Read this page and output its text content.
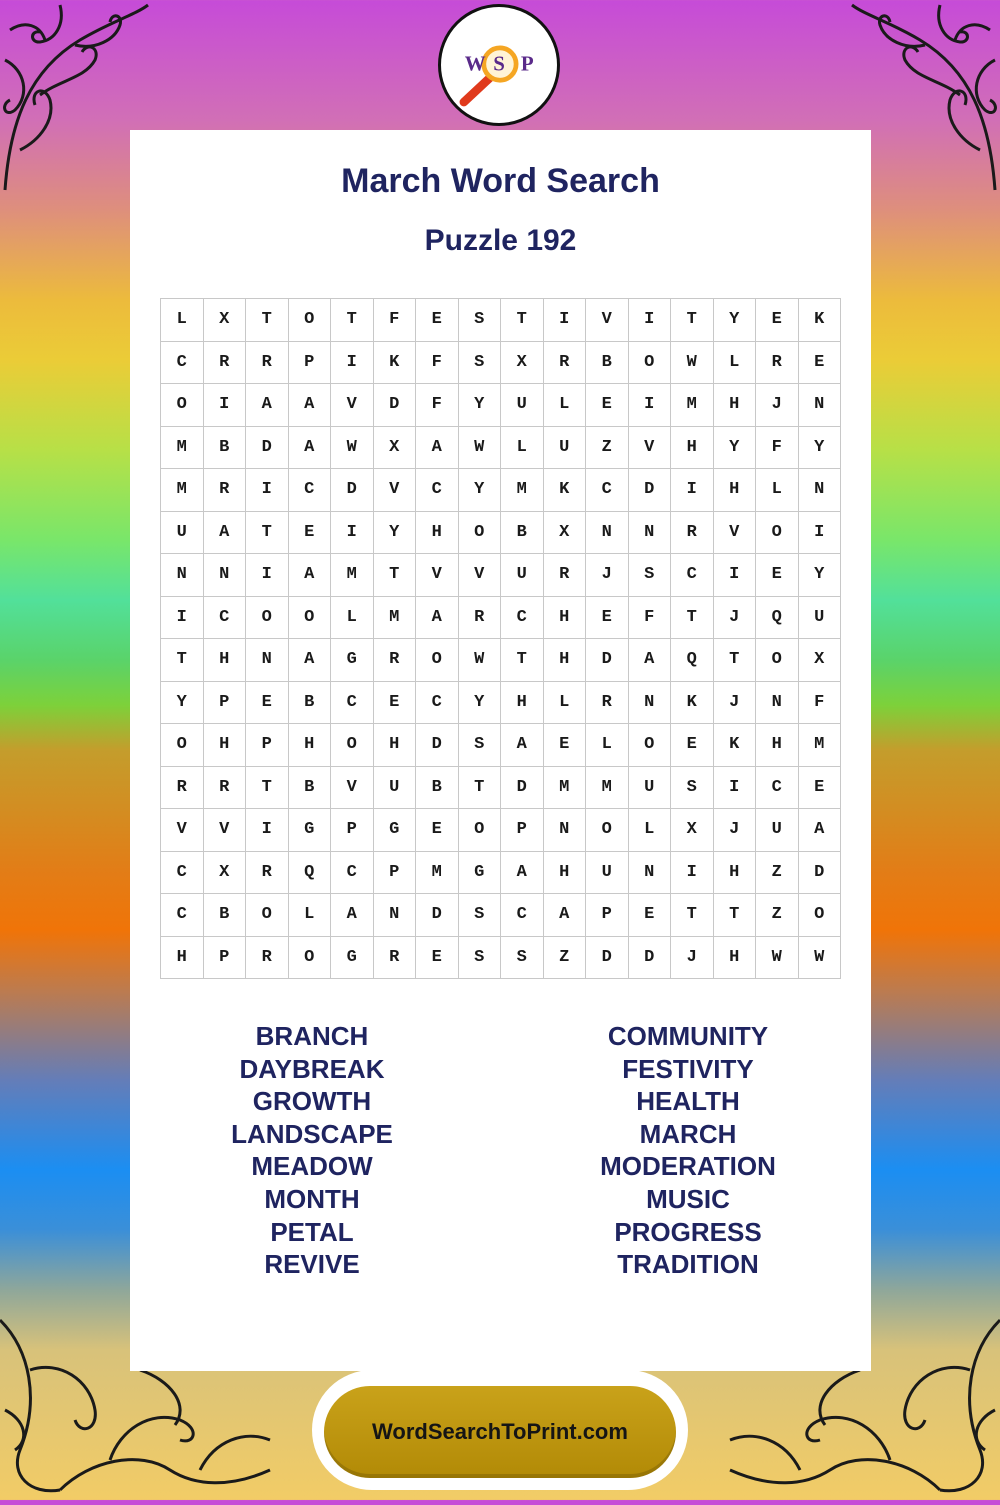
W S P
March Word Search
Puzzle 192
L	X	T	O	T	F	E	S	T	I	V	I	T	Y	E	K
C	R	R	P	I	K	F	S	X	R	B	O	W	L	R	E
O	I	A	A	V	D	F	Y	U	L	E	I	M	H	J	N
M	B	D	A	W	X	A	W	L	U	Z	V	H	Y	F	Y
M	R	I	C	D	V	C	Y	M	K	C	D	I	H	L	N
U	A	T	E	I	Y	H	O	B	X	N	N	R	V	O	I
N	N	I	A	M	T	V	V	U	R	J	S	C	I	E	Y
I	C	O	O	L	M	A	R	C	H	E	F	T	J	Q	U
T	H	N	A	G	R	O	W	T	H	D	A	Q	T	O	X
Y	P	E	B	C	E	C	Y	H	L	R	N	K	J	N	F
O	H	P	H	O	H	D	S	A	E	L	O	E	K	H	M
R	R	T	B	V	U	B	T	D	M	M	U	S	I	C	E
V	V	I	G	P	G	E	O	P	N	O	L	X	J	U	A
C	X	R	Q	C	P	M	G	A	H	U	N	I	H	Z	D
C	B	O	L	A	N	D	S	C	A	P	E	T	T	Z	O
H	P	R	O	G	R	E	S	S	Z	D	D	J	H	W	W
BRANCH
DAYBREAK
GROWTH
LANDSCAPE
MEADOW
MONTH
PETAL
REVIVE
COMMUNITY
FESTIVITY
HEALTH
MARCH
MODERATION
MUSIC
PROGRESS
TRADITION
WordSearchToPrint.com
